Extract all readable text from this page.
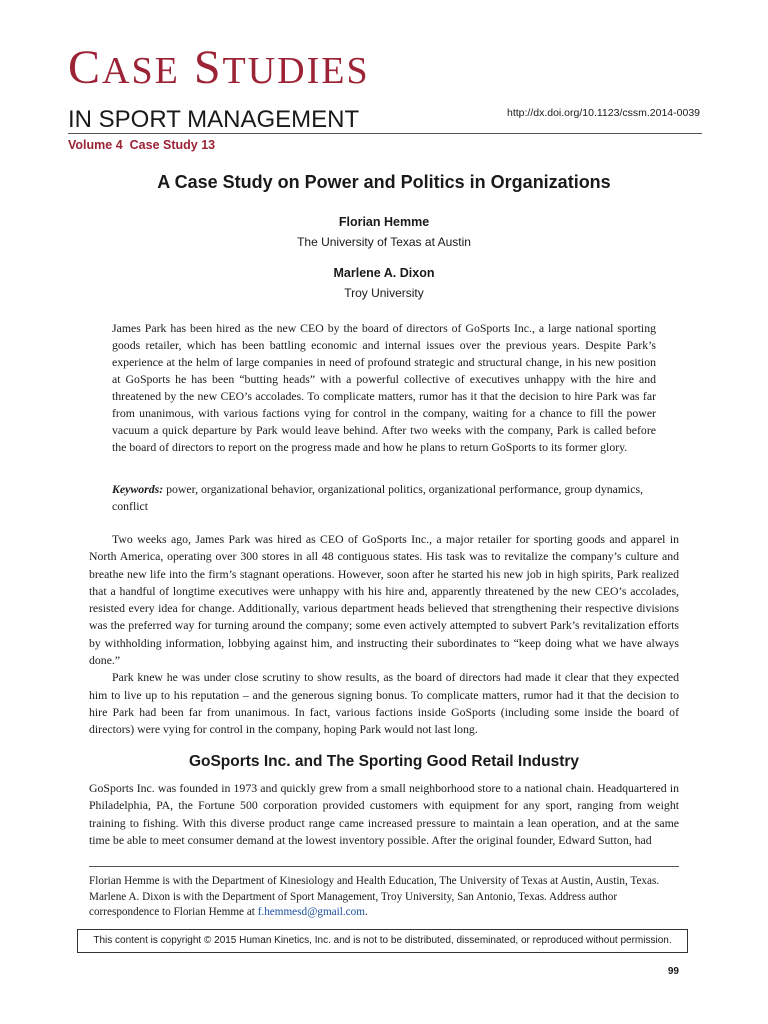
CASE STUDIES
IN SPORT MANAGEMENT	http://dx.doi.org/10.1123/cssm.2014-0039
Volume 4 Case Study 13
A Case Study on Power and Politics in Organizations
Florian Hemme
The University of Texas at Austin
Marlene A. Dixon
Troy University
James Park has been hired as the new CEO by the board of directors of GoSports Inc., a large national sporting goods retailer, which has been battling economic and internal issues over the previous years. Despite Park’s experience at the helm of large companies in need of profound strategic and structural change, in his new position at GoSports he has been “butting heads” with a powerful collective of executives unhappy with the hire and threatened by the new CEO’s accolades. To complicate matters, rumor has it that the decision to hire Park was far from unanimous, with various factions vying for control in the company, waiting for a chance to fill the power vacuum a quick departure by Park would leave behind. After two weeks with the company, Park is called before the board of directors to report on the progress made and how he plans to return GoSports to its former glory.
Keywords: power, organizational behavior, organizational politics, organizational performance, group dynamics, conflict

Two weeks ago, James Park was hired as CEO of GoSports Inc., a major retailer for sporting goods and apparel in North America, operating over 300 stores in all 48 contiguous states. His task was to revitalize the company’s culture and breathe new life into the firm’s stagnant operations. However, soon after he started his new job in high spirits, Park realized that a handful of longtime executives were unhappy with his hire and, apparently threatened by the new CEO’s accolades, resisted every idea for change. Additionally, various department heads believed that strengthening their respective divisions was the preferred way for turning around the company; some even actively attempted to subvert Park’s revitalization efforts by withholding information, lobbying against him, and instructing their subordinates to “keep doing what we have always done.”

Park knew he was under close scrutiny to show results, as the board of directors had made it clear that they expected him to live up to his reputation – and the generous signing bonus. To complicate matters, rumor had it that the decision to hire Park had been far from unanimous. In fact, various factions inside GoSports (including some inside the board of directors) were vying for control in the company, hoping Park would not last long.

GoSports Inc. and The Sporting Good Retail Industry

GoSports Inc. was founded in 1973 and quickly grew from a small neighborhood store to a national chain. Headquartered in Philadelphia, PA, the Fortune 500 corporation provided customers with equipment for any sport, ranging from weight training to fishing. With this diverse product range came increased pressure to maintain a lean operation, and at the same time be able to meet consumer demand at the lowest inventory possible. After the original founder, Edward Sutton, had

Florian Hemme is with the Department of Kinesiology and Health Education, The University of Texas at Austin, Austin, Texas. Marlene A. Dixon is with the Department of Sport Management, Troy University, San Antonio, Texas. Address author correspondence to Florian Hemme at f.hemmesd@gmail.com.
This content is copyright © 2015 Human Kinetics, Inc. and is not to be distributed, disseminated, or reproduced without permission.
99
